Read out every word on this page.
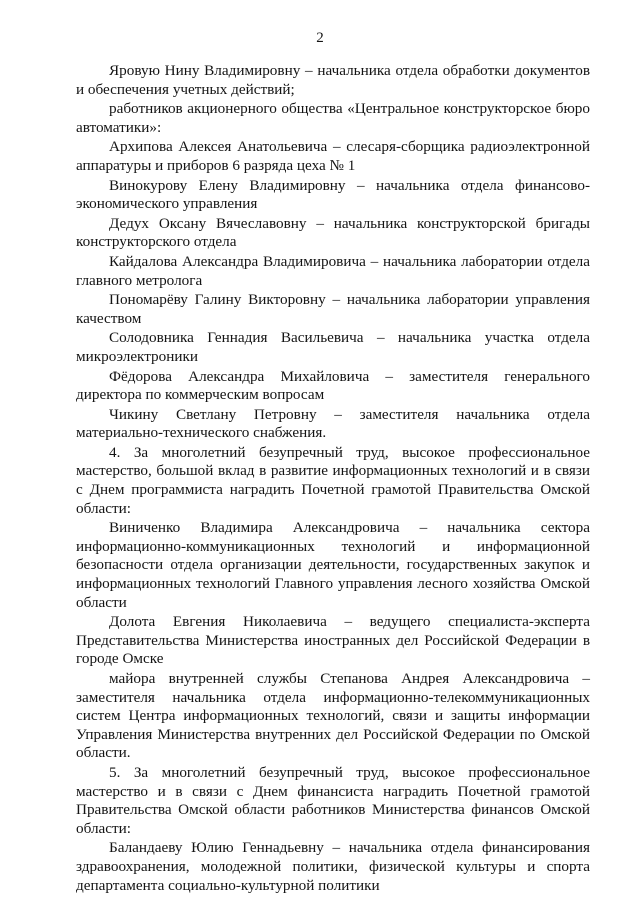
2

Яровую Нину Владимировну – начальника отдела обработки документов и обеспечения учетных действий;

работников акционерного общества «Центральное конструкторское бюро автоматики»:

Архипова Алексея Анатольевича – слесаря-сборщика радиоэлектронной аппаратуры и приборов 6 разряда цеха № 1

Винокурову Елену Владимировну – начальника отдела финансово-экономического управления

Дедух Оксану Вячеславовну – начальника конструкторской бригады конструкторского отдела

Кайдалова Александра Владимировича – начальника лаборатории отдела главного метролога

Пономарёву Галину Викторовну – начальника лаборатории управления качеством

Солодовника Геннадия Васильевича – начальника участка отдела микроэлектроники

Фёдорова Александра Михайловича – заместителя генерального директора по коммерческим вопросам

Чикину Светлану Петровну – заместителя начальника отдела материально-технического снабжения.

4. За многолетний безупречный труд, высокое профессиональное мастерство, большой вклад в развитие информационных технологий и в связи с Днем программиста наградить Почетной грамотой Правительства Омской области:

Виниченко Владимира Александровича – начальника сектора информационно-коммуникационных технологий и информационной безопасности отдела организации деятельности, государственных закупок и информационных технологий Главного управления лесного хозяйства Омской области

Долота Евгения Николаевича – ведущего специалиста-эксперта Представительства Министерства иностранных дел Российской Федерации в городе Омске

майора внутренней службы Степанова Андрея Александровича – заместителя начальника отдела информационно-телекоммуникационных систем Центра информационных технологий, связи и защиты информации Управления Министерства внутренних дел Российской Федерации по Омской области.

5. За многолетний безупречный труд, высокое профессиональное мастерство и в связи с Днем финансиста наградить Почетной грамотой Правительства Омской области работников Министерства финансов Омской области:

Баландаеву Юлию Геннадьевну – начальника отдела финансирования здравоохранения, молодежной политики, физической культуры и спорта департамента социально-культурной политики
